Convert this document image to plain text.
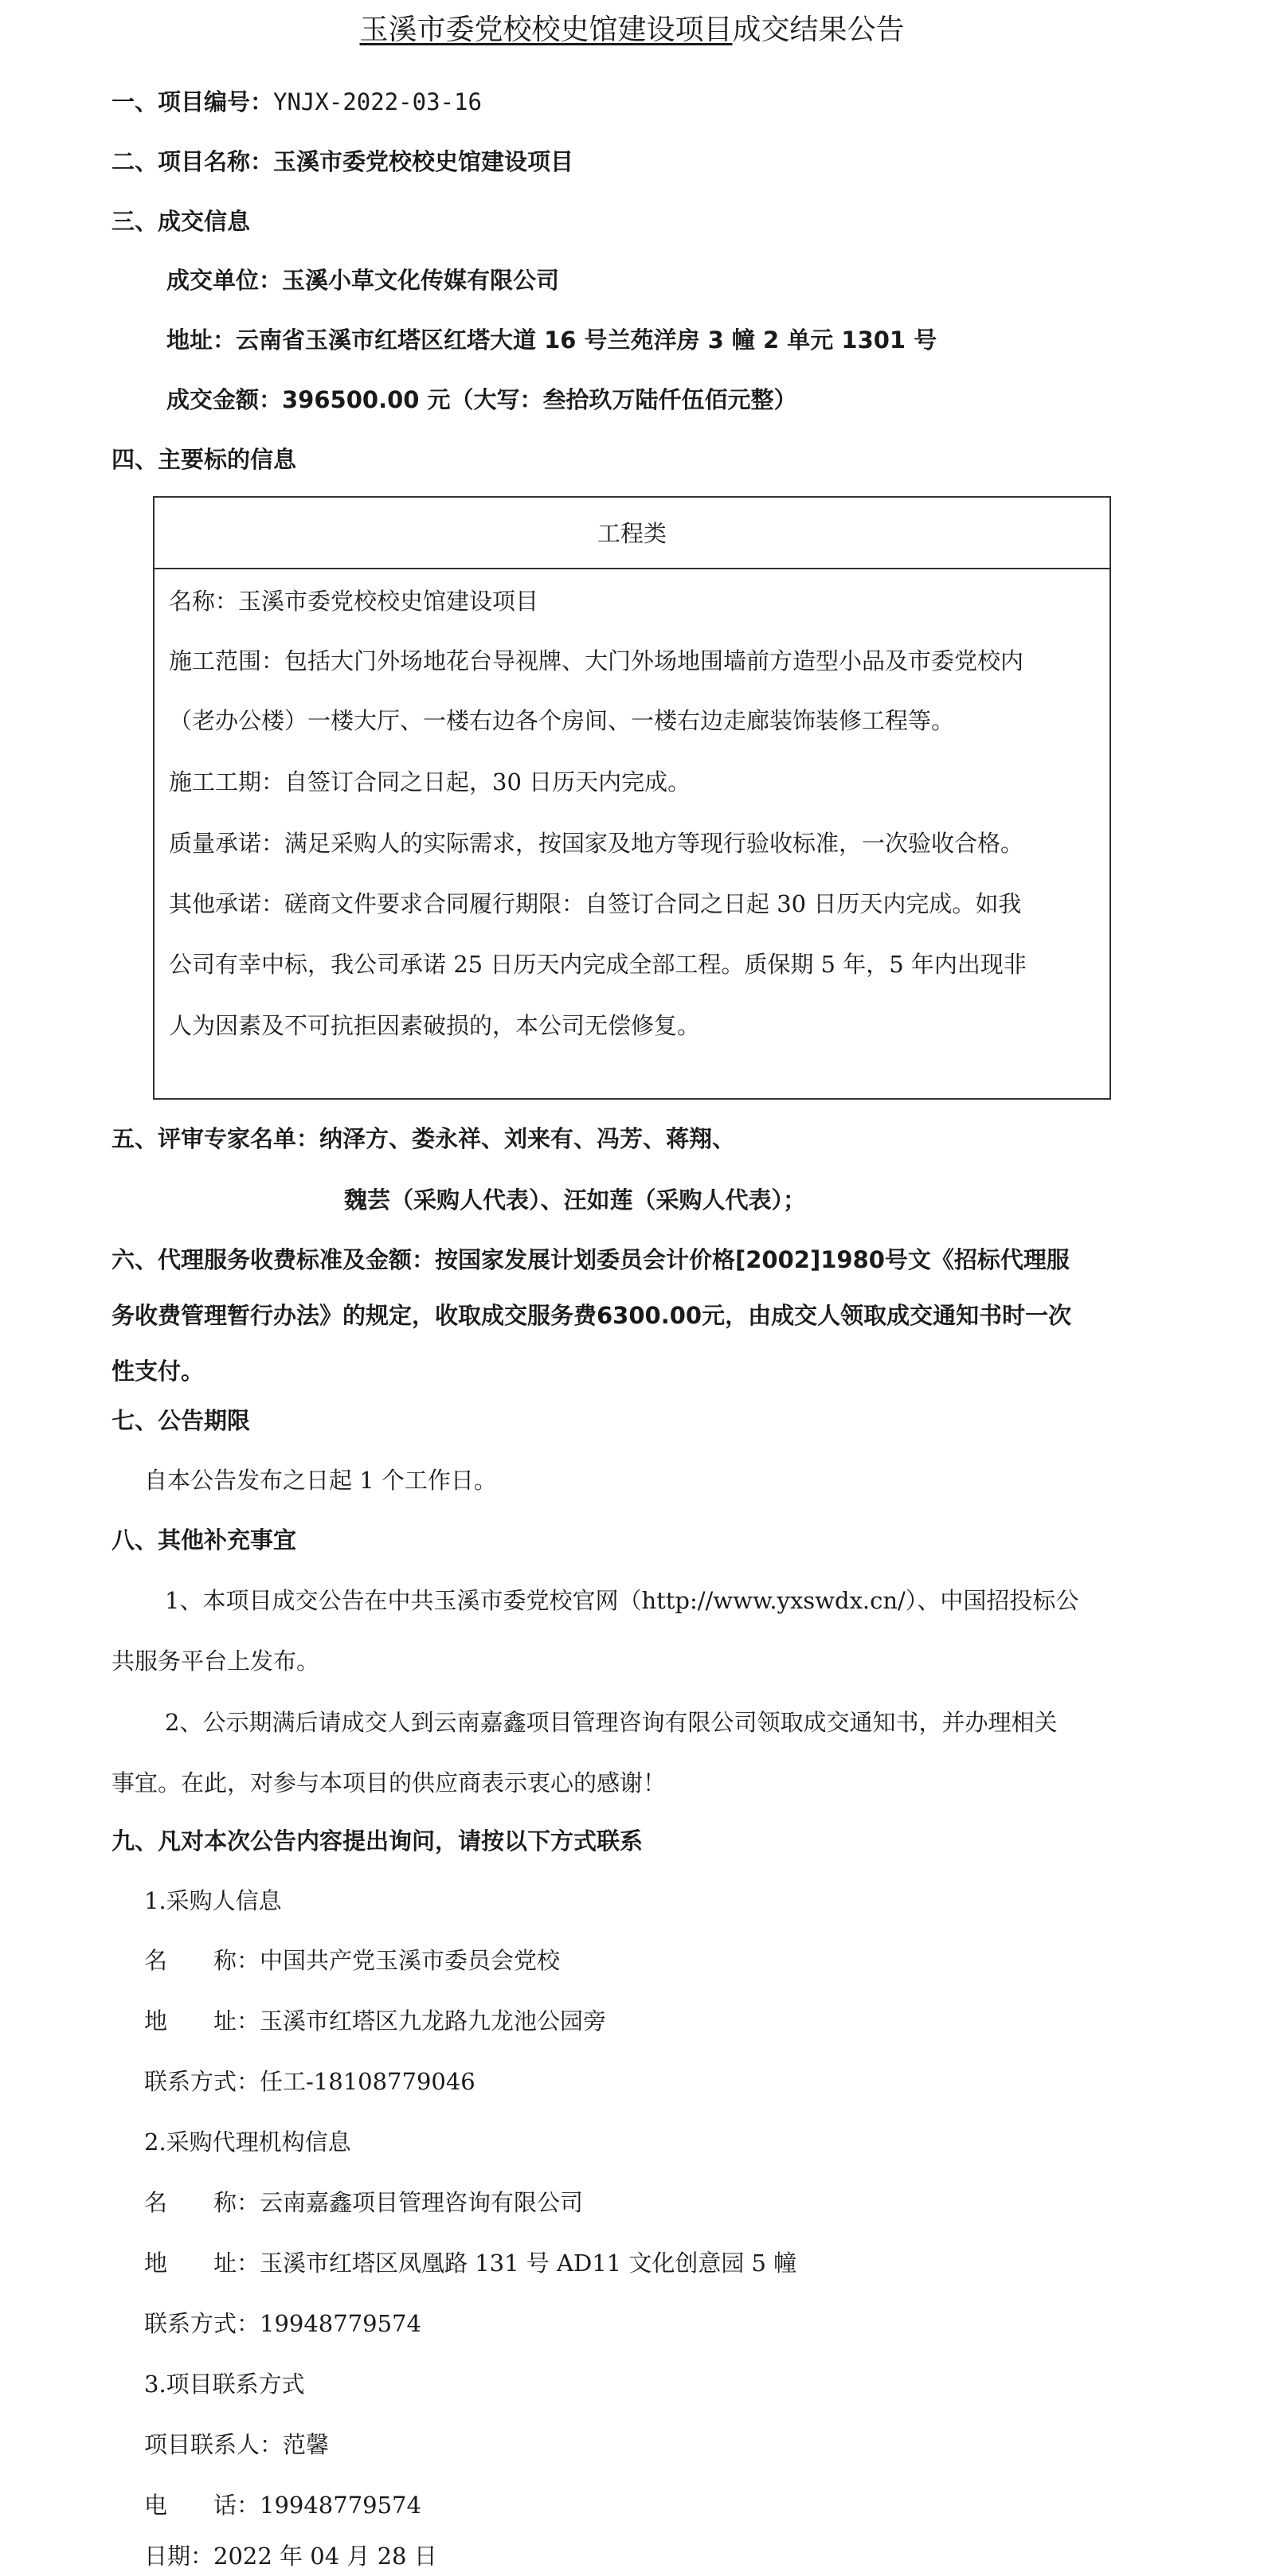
玉溪市委党校校史馆建设项目成交结果公告
一、项目编号：YNJX-2022-03-16
二、项目名称：玉溪市委党校校史馆建设项目
三、成交信息
成交单位：玉溪小草文化传媒有限公司
地址：云南省玉溪市红塔区红塔大道 16 号兰苑洋房 3 幢 2 单元 1301 号
成交金额：396500.00 元（大写：叁拾玖万陆仟伍佰元整）
四、主要标的信息
工程类
名称：玉溪市委党校校史馆建设项目
施工范围：包括大门外场地花台导视牌、大门外场地围墙前方造型小品及市委党校内
（老办公楼）一楼大厅、一楼右边各个房间、一楼右边走廊装饰装修工程等。
施工工期：自签订合同之日起，30 日历天内完成。
质量承诺：满足采购人的实际需求，按国家及地方等现行验收标准，一次验收合格。
其他承诺：磋商文件要求合同履行期限：自签订合同之日起 30 日历天内完成。如我
公司有幸中标，我公司承诺 25 日历天内完成全部工程。质保期 5 年，5 年内出现非
人为因素及不可抗拒因素破损的，本公司无偿修复。
五、评审专家名单：纳泽方、娄永祥、刘来有、冯芳、蒋翔、
魏芸（采购人代表）、汪如莲（采购人代表）；
六、代理服务收费标准及金额：按国家发展计划委员会计价格[2002]1980号文《招标代理服
务收费管理暂行办法》的规定，收取成交服务费6300.00元，由成交人领取成交通知书时一次
性支付。
七、公告期限
自本公告发布之日起 1 个工作日。
八、其他补充事宜
1、本项目成交公告在中共玉溪市委党校官网（http://www.yxswdx.cn/）、中国招投标公
共服务平台上发布。
2、公示期满后请成交人到云南嘉鑫项目管理咨询有限公司领取成交通知书，并办理相关
事宜。在此，对参与本项目的供应商表示衷心的感谢！
九、凡对本次公告内容提出询问，请按以下方式联系
1.采购人信息
名　　称：中国共产党玉溪市委员会党校
地　　址：玉溪市红塔区九龙路九龙池公园旁
联系方式：任工-18108779046
2.采购代理机构信息
名　　称：云南嘉鑫项目管理咨询有限公司
地　　址：玉溪市红塔区凤凰路 131 号 AD11 文化创意园 5 幢
联系方式：19948779574
3.项目联系方式
项目联系人：范馨
电　　话：19948779574
日期：2022 年 04 月 28 日
